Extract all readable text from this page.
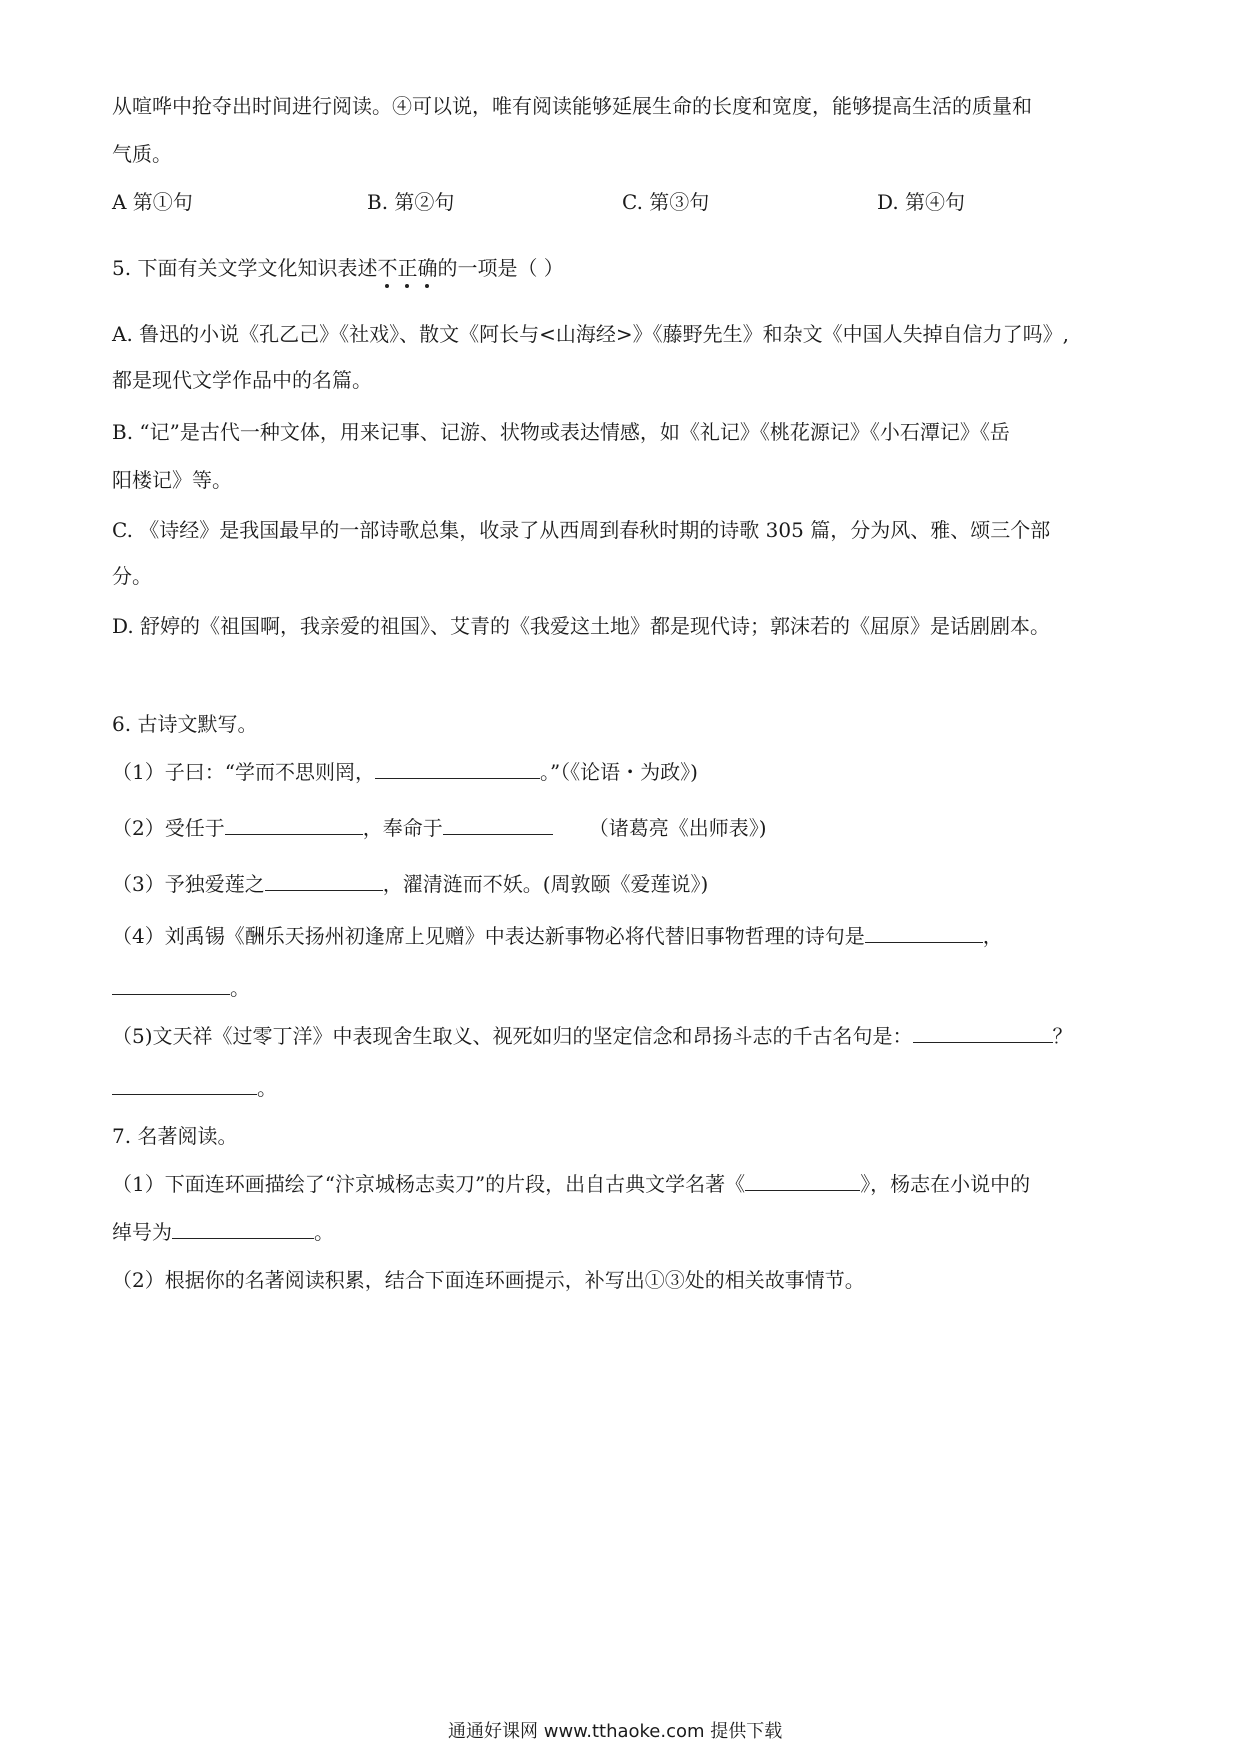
从喧哗中抢夺出时间进行阅读。④可以说，唯有阅读能够延展生命的长度和宽度，能够提高生活的质量和
气质。
A 第①句	B. 第②句	C. 第③句	D. 第④句
5. 下面有关文学文化知识表述不正确的一项是（ ）
A. 鲁迅的小说《孔乙己》《社戏》、散文《阿长与<山海经>》《藤野先生》和杂文《中国人失掉自信力了吗》,
都是现代文学作品中的名篇。
B. “记”是古代一种文体，用来记事、记游、状物或表达情感，如《礼记》《桃花源记》《小石潭记》《岳
阳楼记》等。
C. 《诗经》是我国最早的一部诗歌总集，收录了从西周到春秋时期的诗歌 305 篇，分为风、雅、颂三个部
分。
D. 舒婷的《祖国啊，我亲爱的祖国》、艾青的《我爱这土地》都是现代诗；郭沫若的《屈原》是话剧剧本。
6. 古诗文默写。
（1）子曰：“学而不思则罔，	。”（《论语・为政》)
（2）受任于	，奉命于	（诸葛亮《出师表》)
（3）予独爱莲之	，濯清涟而不妖。(周敦颐《爱莲说》)
（4）刘禹锡《酬乐天扬州初逢席上见赠》中表达新事物必将代替旧事物哲理的诗句是	，
。
（5)文天祥《过零丁洋》中表现舍生取义、视死如归的坚定信念和昂扬斗志的千古名句是：	？
。
7. 名著阅读。
（1）下面连环画描绘了“汴京城杨志卖刀”的片段，出自古典文学名著《	》，杨志在小说中的
绰号为	。
（2）根据你的名著阅读积累，结合下面连环画提示，补写出①③处的相关故事情节。
通通好课网 www.tthaoke.com 提供下载
